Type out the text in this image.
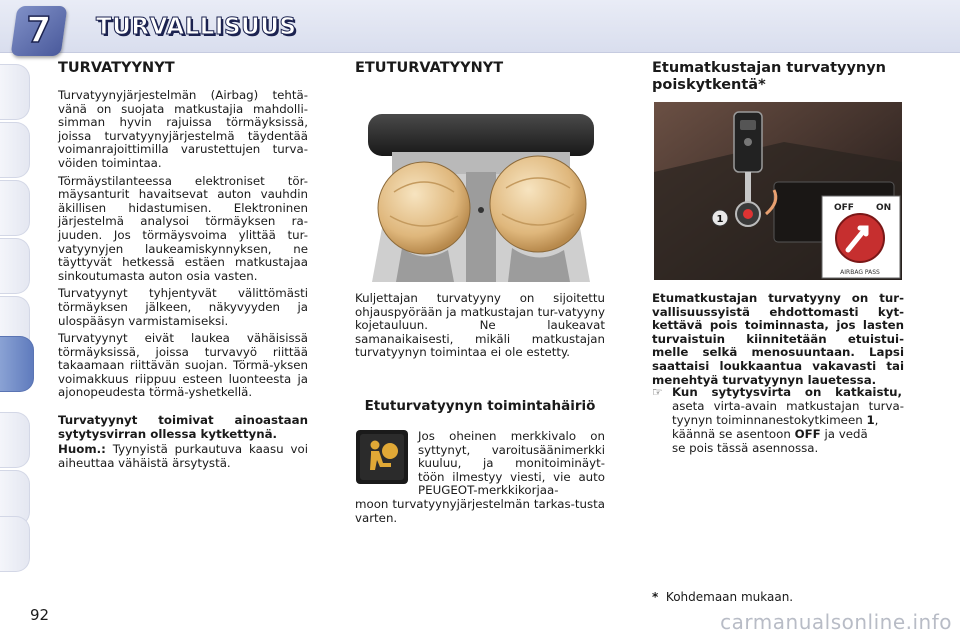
7	TURVALLISUUS
TURVATYYNYT

Turvatyynyjärjestelmän (Airbag) tehtä-vänä on suojata matkustajia mahdolli-simman hyvin rajuissa törmäyksissä, joissa turvatyynyjärjestelmä täydentää voimanrajoittimilla varustettujen turva-vöiden toimintaa.

Törmäystilanteessa elektroniset tör-mäysanturit havaitsevat auton vauhdin äkillisen hidastumisen. Elektroninen järjestelmä analysoi törmäyksen ra-juuden. Jos törmäysvoima ylittää tur-vatyynyjen laukeamiskynnyksen, ne täyttyvät hetkessä estäen matkustajaa sinkoutumasta auton osia vasten.

Turvatyynyt tyhjentyvät välittömästi törmäyksen jälkeen, näkyvyyden ja ulospääsyn varmistamiseksi.

Turvatyynyt eivät laukea vähäisissä törmäyksissä, joissa turvavyö riittää takaamaan riittävän suojan. Törmä-yksen voimakkuus riippuu esteen luonteesta ja ajonopeudesta törmä-yshetkellä.

Turvatyynyt toimivat ainoastaan sytytysvirran ollessa kytkettynä.

Huom.: Tyynyistä purkautuva kaasu voi aiheuttaa vähäistä ärsytystä.

ETUTURVATYYNYT

Kuljettajan turvatyyny on sijoitettu ohjauspyörään ja matkustajan tur-vatyyny kojetauluun. Ne laukeavat samanaikaisesti, mikäli matkustajan turvatyynyn toimintaa ei ole estetty.

Etuturvatyynyn toimintahäiriö
Jos oheinen merkkivalo on
syttynyt, varoitusäänimerkki
kuuluu, ja monitoiminäyt-
töön ilmestyy viesti, vie auto
PEUGEOT-merkkikorjaa-

moon turvatyynyjärjestelmän tarkas-tusta varten.

Etumatkustajan turvatyynyn poiskytkentä*
1
OFF ON
AIRBAG PASS

Etumatkustajan turvatyyny on tur-vallisuussyistä ehdottomasti kyt-kettävä pois toiminnasta, jos lasten turvaistuin kiinnitetään etuistui-melle selkä menosuuntaan. Lapsi saattaisi loukkaantua vakavasti tai menehtyä turvatyynyn lauetessa.

☞ Kun sytytysvirta on katkaistu,
aseta virta-avain matkustajan turva-
tyynyn toiminnanestokytkimeen 1,
käännä se asentoon OFF ja vedä
se pois tässä asennossa.
* Kohdemaan mukaan.
92	carmanualsonline.info
